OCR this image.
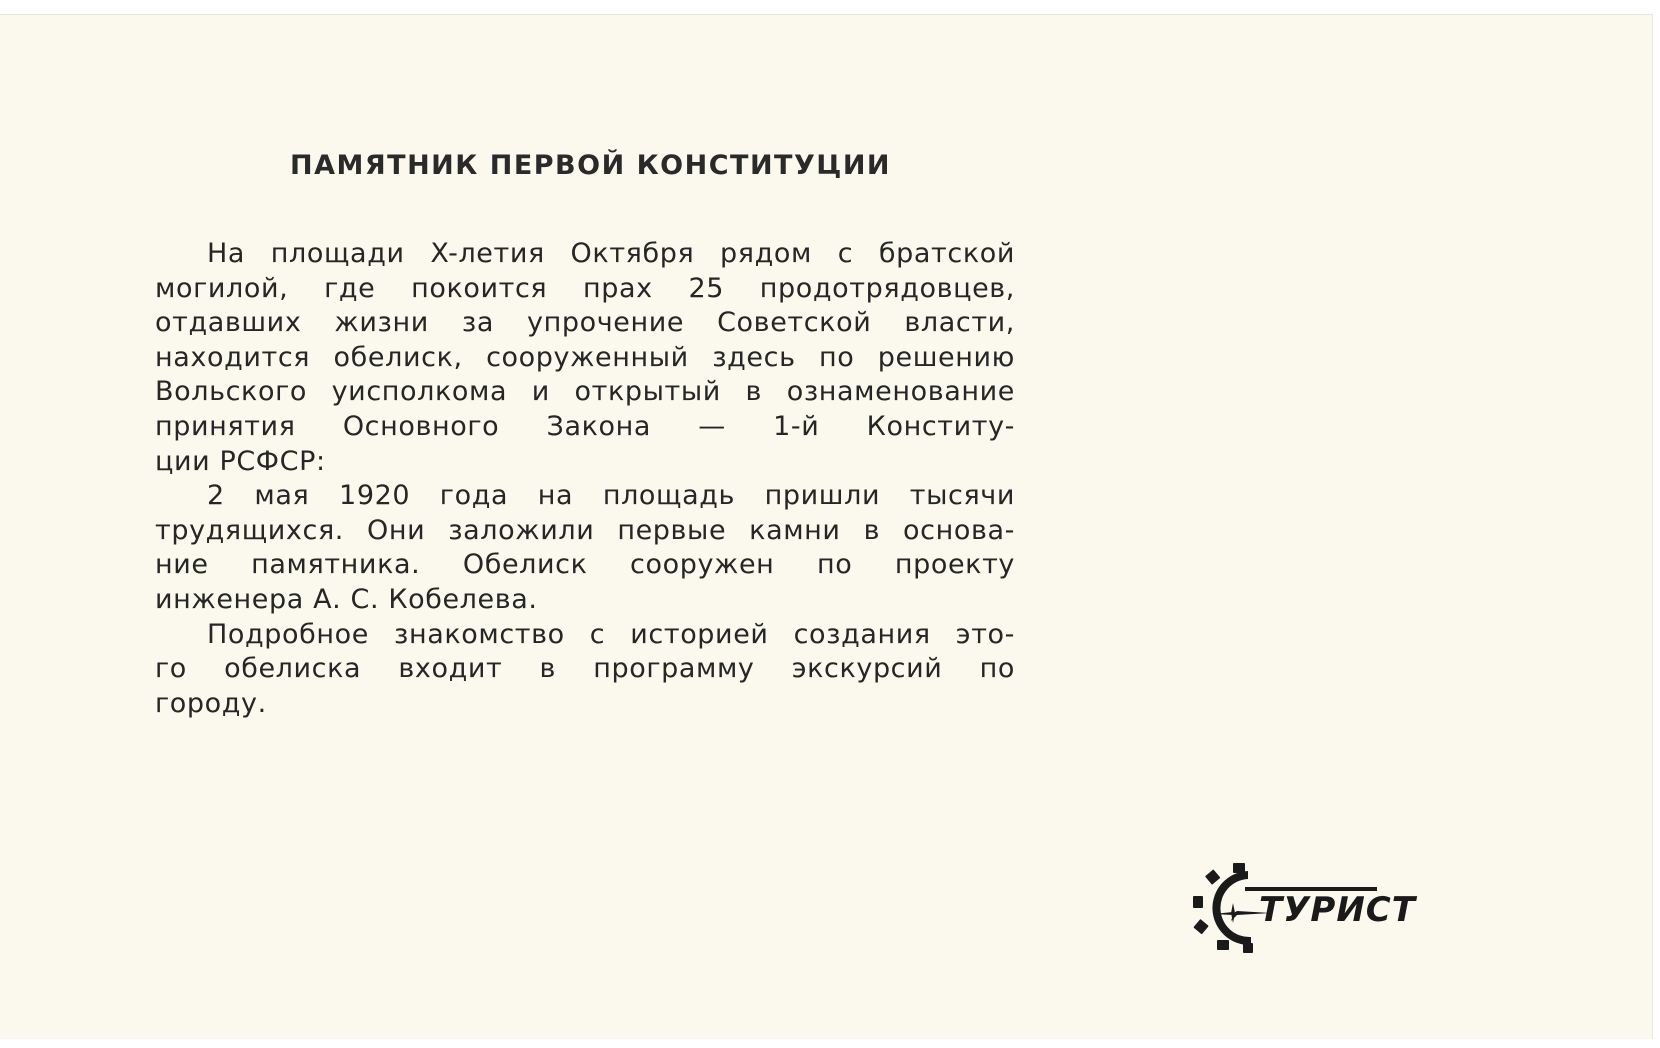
ПАМЯТНИК ПЕРВОЙ КОНСТИТУЦИИ
На площади X-летия Октября рядом с братской
могилой, где покоится прах 25 продотрядовцев,
отдавших жизни за упрочение Советской власти,
находится обелиск, сооруженный здесь по решению
Вольского уисполкома и открытый в ознаменование
принятия Основного Закона — 1-й Конститу-
ции РСФСР:
2 мая 1920 года на площадь пришли тысячи
трудящихся. Они заложили первые камни в основа-
ние памятника. Обелиск сооружен по проекту
инженера А. С. Кобелева.
Подробное знакомство с историей создания это-
го обелиска входит в программу экскурсий по
городу.
ТУРИСТ
